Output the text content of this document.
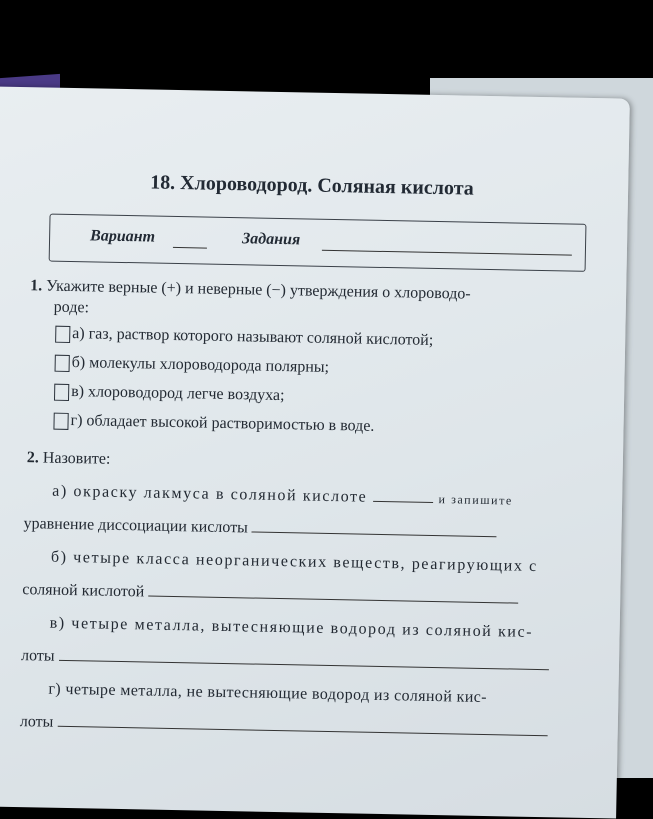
18. Хлороводород. Соляная кислота
Вариант	Задания
1. Укажите верные (+) и неверные (−) утверждения о хлороводо-
роде:
а) газ, раствор которого называют соляной кислотой;
б) молекулы хлороводорода полярны;
в) хлороводород легче воздуха;
г) обладает высокой растворимостью в воде.
2. Назовите:
а) окраску лакмуса в соляной кислоте	и запишите
уравнение диссоциации кислоты
б) четыре класса неорганических веществ, реагирующих с
соляной кислотой
в) четыре металла, вытесняющие водород из соляной кис-
лоты
г) четыре металла, не вытесняющие водород из соляной кис-
лоты
